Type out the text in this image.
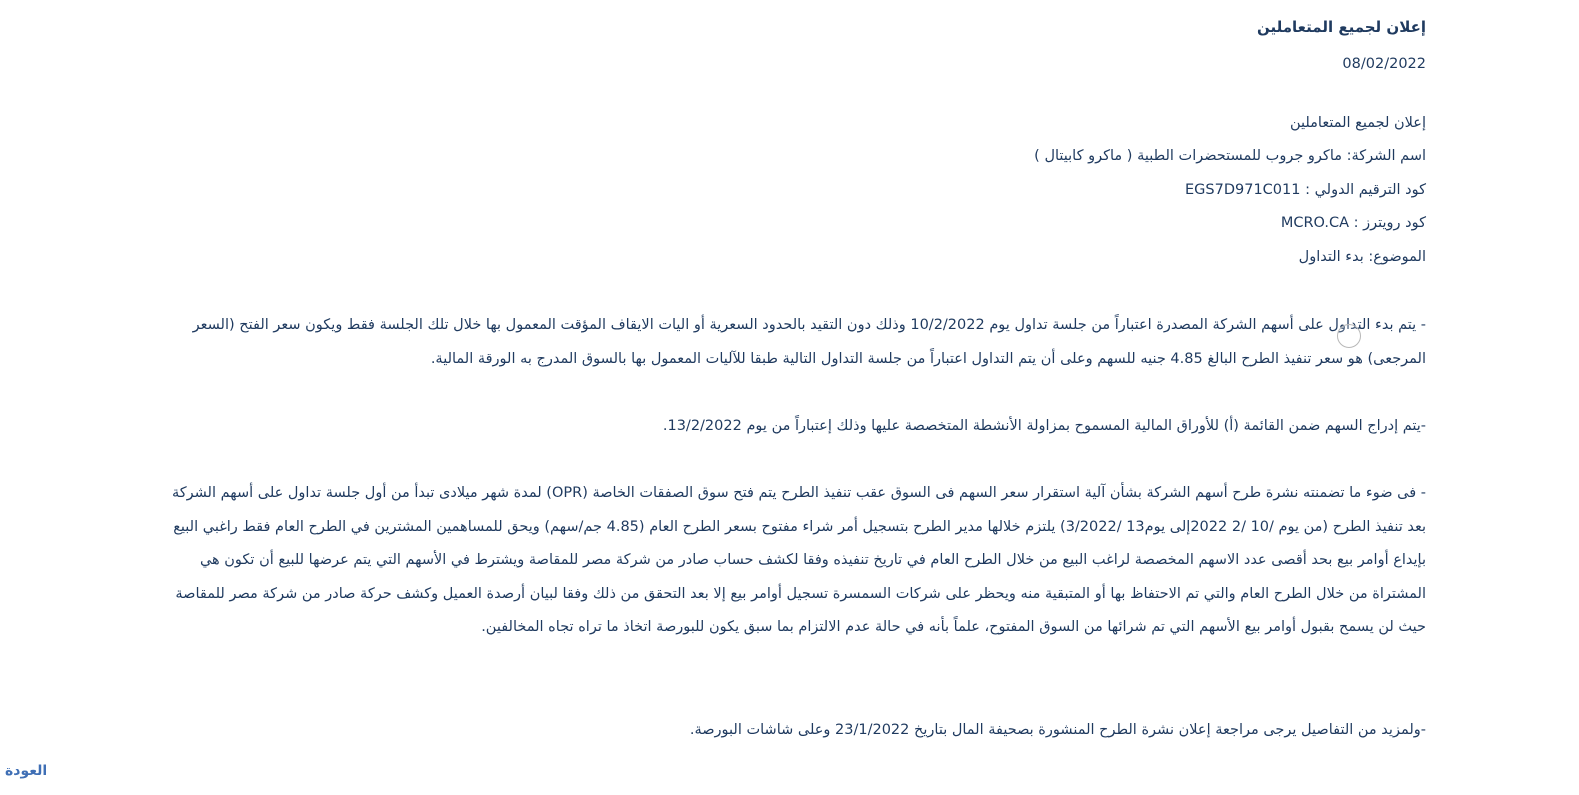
إعلان لجميع المتعاملين
08/02/2022
إعلان لجميع المتعاملين
اسم الشركة: ماكرو جروب للمستحضرات الطبية ( ماكرو كابيتال )
كود الترقيم الدولي : EGS7D971C011
كود رويترز : MCRO.CA
الموضوع: بدء التداول
- يتم بدء التداول على أسهم الشركة المصدرة اعتباراً من جلسة تداول يوم 10/2/2022 وذلك دون التقيد بالحدود السعرية أو اليات الايقاف المؤقت المعمول بها خلال تلك الجلسة فقط ويكون سعر الفتح (السعر المرجعى) هو سعر تنفيذ الطرح البالغ 4.85 جنيه للسهم وعلى أن يتم التداول اعتباراً من جلسة التداول التالية طبقا للآليات المعمول بها بالسوق المدرج به الورقة المالية.
-يتم إدراج السهم ضمن القائمة (أ) للأوراق المالية المسموح بمزاولة الأنشطة المتخصصة عليها وذلك إعتباراً من يوم 13/2/2022.
- فى ضوء ما تضمنته نشرة طرح أسهم الشركة بشأن آلية استقرار سعر السهم فى السوق عقب تنفيذ الطرح يتم فتح سوق الصفقات الخاصة (OPR) لمدة شهر ميلادى تبدأ من أول جلسة تداول على أسهم الشركة بعد تنفيذ الطرح (من يوم /10 /2 2022إلى يوم13 /3/2022) يلتزم خلالها مدير الطرح بتسجيل أمر شراء مفتوح بسعر الطرح العام (4.85 جم/سهم) ويحق للمساهمين المشترين في الطرح العام فقط راغبي البيع بإيداع أوامر بيع بحد أقصى عدد الاسهم المخصصة لراغب البيع من خلال الطرح العام في تاريخ تنفيذه وفقا لكشف حساب صادر من شركة مصر للمقاصة ويشترط في الأسهم التي يتم عرضها للبيع أن تكون هي المشتراة من خلال الطرح العام والتي تم الاحتفاظ بها أو المتبقية منه ويحظر على شركات السمسرة تسجيل أوامر بيع إلا بعد التحقق من ذلك وفقا لبيان أرصدة العميل وكشف حركة صادر من شركة مصر للمقاصة حيث لن يسمح بقبول أوامر بيع الأسهم التي تم شرائها من السوق المفتوح، علماً بأنه في حالة عدم الالتزام بما سبق يكون للبورصة اتخاذ ما تراه تجاه المخالفين.
-ولمزيد من التفاصيل يرجى مراجعة إعلان نشرة الطرح المنشورة بصحيفة المال بتاريخ 23/1/2022 وعلى شاشات البورصة.
العودة
